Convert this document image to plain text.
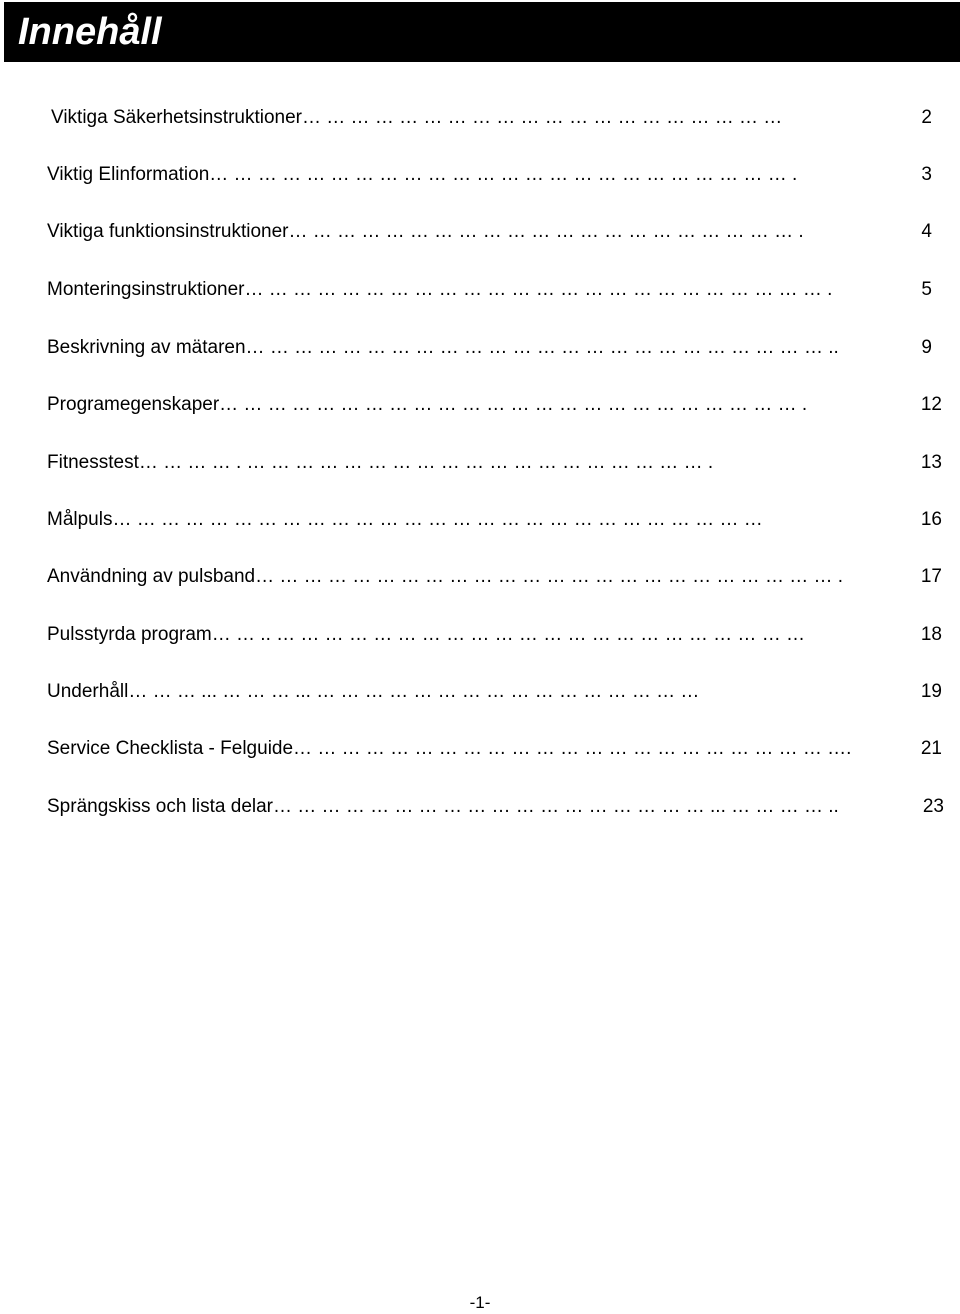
Innehåll
Viktiga Säkerhetsinstruktioner… … … … … … … … … … … … … … … … … … … …	2
Viktig Elinformation… … … … … … … … … … … … … … … … … … … … … … … … .	3
Viktiga funktionsinstruktioner… … … … … … … … … … … … … … … … … … … … … .	4
Monteringsinstruktioner… … … … … … … … … … … … … … … … … … … … … … … … .	5
Beskrivning av mätaren… … … … … … … … … … … … … … … … … … … … … … … … ..	9
Programegenskaper… … … … … … … … … … … … … … … … … … … … … … … … .	12
Fitnesstest… … … … . … … … … … … … … … … … … … … … … … … … .	13
Målpuls… … … … … … … … … … … … … … … … … … … … … … … … … … …	16
Användning av pulsband… … … … … … … … … … … … … … … … … … … … … … … … .	17
Pulsstyrda program… … .. … … … … … … … … … … … … … … … … … … … … … …	18
Underhåll… … … ... … … … ... … … … … … … … … … … … … … … … …	19
Service Checklista - Felguide… … … … … … … … … … … … … … … … … … … … … … ….	21
Sprängskiss och lista delar… … … … … … … … … … … … … … … … … … ... … … … … ..	23
-1-
